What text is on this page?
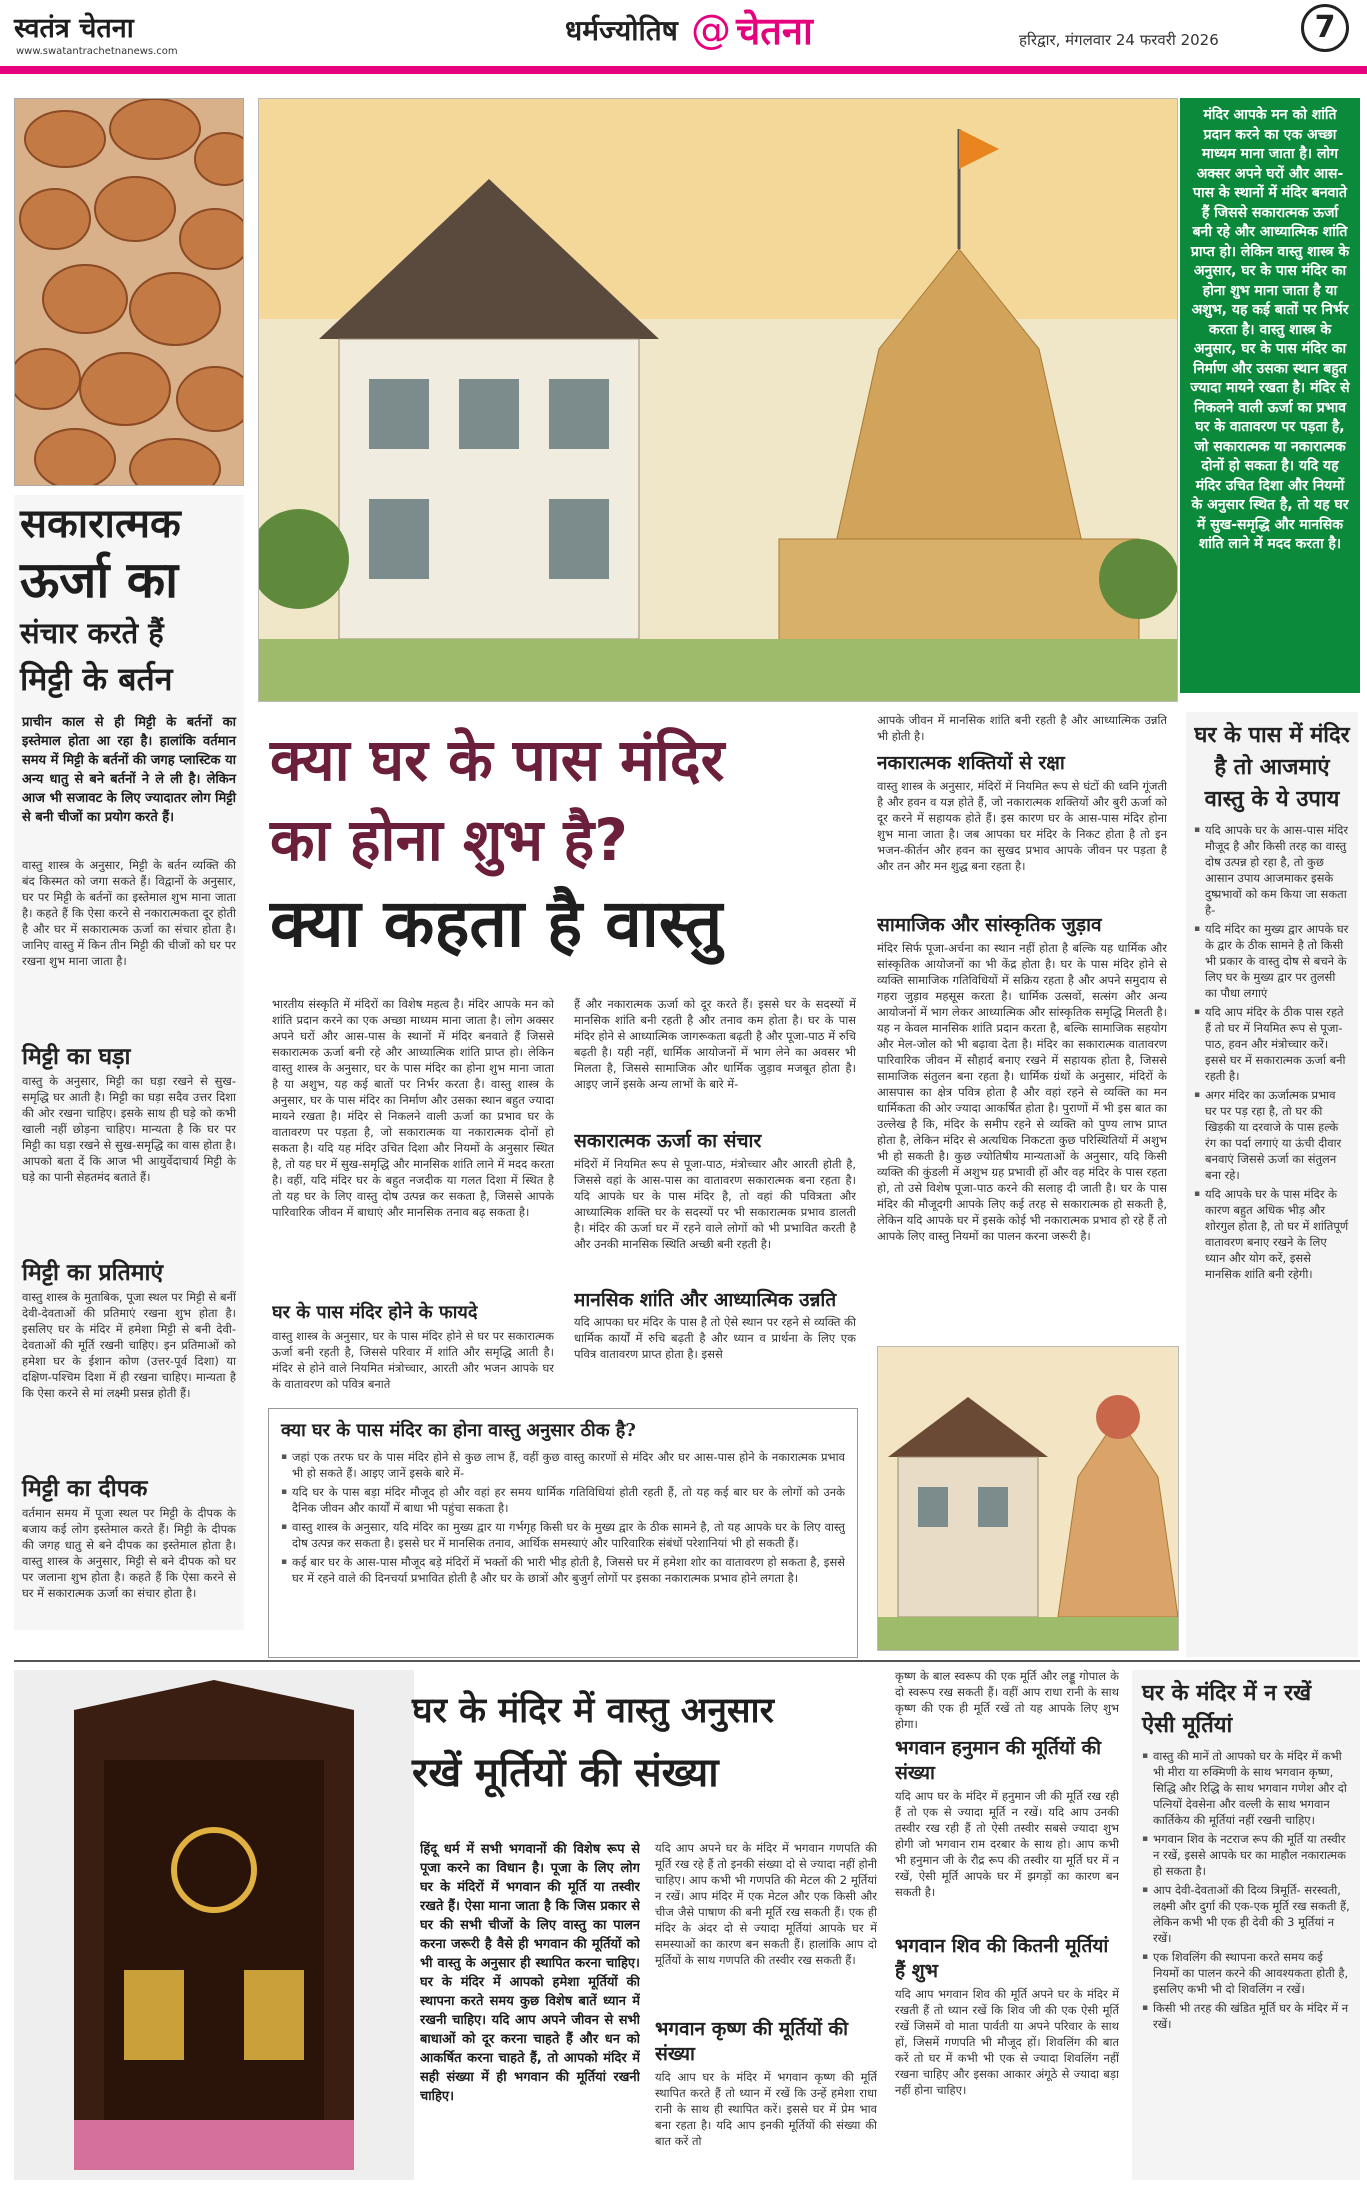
स्वतंत्र चेतना
www.swatantrachetnanews.com
धर्मज्योतिष @ चेतना	हरिद्वार, मंगलवार 24 फरवरी 2026	7
सकारात्मक
ऊर्जा का
संचार करते हैं
मिट्टी के बर्तन
प्राचीन काल से ही मिट्टी के बर्तनों का इस्तेमाल होता आ रहा है। हालांकि वर्तमान समय में मिट्टी के बर्तनों की जगह प्लास्टिक या अन्य धातु से बने बर्तनों ने ले ली है। लेकिन आज भी सजावट के लिए ज्यादातर लोग मिट्टी से बनी चीजों का प्रयोग करते हैं।
वास्तु शास्त्र के अनुसार, मिट्टी के बर्तन व्यक्ति की बंद किस्मत को जगा सकते हैं। विद्वानों के अनुसार, घर पर मिट्टी के बर्तनों का इस्तेमाल शुभ माना जाता है। कहते हैं कि ऐसा करने से नकारात्मकता दूर होती है और घर में सकारात्मक ऊर्जा का संचार होता है। जानिए वास्तु में किन तीन मिट्टी की चीजों को घर पर रखना शुभ माना जाता है।
मिट्टी का घड़ा
वास्तु के अनुसार, मिट्टी का घड़ा रखने से सुख-समृद्धि घर आती है। मिट्टी का घड़ा सदैव उत्तर दिशा की ओर रखना चाहिए। इसके साथ ही घड़े को कभी खाली नहीं छोड़ना चाहिए। मान्यता है कि घर पर मिट्टी का घड़ा रखने से सुख-समृद्धि का वास होता है। आपको बता दें कि आज भी आयुर्वेदाचार्य मिट्टी के घड़े का पानी सेहतमंद बताते हैं।
मिट्टी का प्रतिमाएं
वास्तु शास्त्र के मुताबिक, पूजा स्थल पर मिट्टी से बनीं देवी-देवताओं की प्रतिमाएं रखना शुभ होता है। इसलिए घर के मंदिर में हमेशा मिट्टी से बनी देवी-देवताओं की मूर्ति रखनी चाहिए। इन प्रतिमाओं को हमेशा घर के ईशान कोण (उत्तर-पूर्व दिशा) या दक्षिण-पश्चिम दिशा में ही रखना चाहिए। मान्यता है कि ऐसा करने से मां लक्ष्मी प्रसन्न होती हैं।
मिट्टी का दीपक
वर्तमान समय में पूजा स्थल पर मिट्टी के दीपक के बजाय कई लोग इस्तेमाल करते हैं। मिट्टी के दीपक की जगह धातु से बने दीपक का इस्तेमाल होता है। वास्तु शास्त्र के अनुसार, मिट्टी से बने दीपक को घर पर जलाना शुभ होता है। कहते हैं कि ऐसा करने से घर में सकारात्मक ऊर्जा का संचार होता है।
मंदिर आपके मन को शांति प्रदान करने का एक अच्छा माध्यम माना जाता है। लोग अक्सर अपने घरों और आस-पास के स्थानों में मंदिर बनवाते हैं जिससे सकारात्मक ऊर्जा बनी रहे और आध्यात्मिक शांति प्राप्त हो। लेकिन वास्तु शास्त्र के अनुसार, घर के पास मंदिर का होना शुभ माना जाता है या अशुभ, यह कई बातों पर निर्भर करता है। वास्तु शास्त्र के अनुसार, घर के पास मंदिर का निर्माण और उसका स्थान बहुत ज्यादा मायने रखता है। मंदिर से निकलने वाली ऊर्जा का प्रभाव घर के वातावरण पर पड़ता है, जो सकारात्मक या नकारात्मक दोनों हो सकता है। यदि यह मंदिर उचित दिशा और नियमों के अनुसार स्थित है, तो यह घर में सुख-समृद्धि और मानसिक शांति लाने में मदद करता है।
क्या घर के पास मंदिर
का होना शुभ है?
क्या कहता है वास्तु
भारतीय संस्कृति में मंदिरों का विशेष महत्व है। मंदिर आपके मन को शांति प्रदान करने का एक अच्छा माध्यम माना जाता है। लोग अक्सर अपने घरों और आस-पास के स्थानों में मंदिर बनवाते हैं जिससे सकारात्मक ऊर्जा बनी रहे और आध्यात्मिक शांति प्राप्त हो। लेकिन वास्तु शास्त्र के अनुसार, घर के पास मंदिर का होना शुभ माना जाता है या अशुभ, यह कई बातों पर निर्भर करता है। वास्तु शास्त्र के अनुसार, घर के पास मंदिर का निर्माण और उसका स्थान बहुत ज्यादा मायने रखता है। मंदिर से निकलने वाली ऊर्जा का प्रभाव घर के वातावरण पर पड़ता है, जो सकारात्मक या नकारात्मक दोनों हो सकता है। यदि यह मंदिर उचित दिशा और नियमों के अनुसार स्थित है, तो यह घर में सुख-समृद्धि और मानसिक शांति लाने में मदद करता है। वहीं, यदि मंदिर घर के बहुत नजदीक या गलत दिशा में स्थित है तो यह घर के लिए वास्तु दोष उत्पन्न कर सकता है, जिससे आपके पारिवारिक जीवन में बाधाएं और मानसिक तनाव बढ़ सकता है।
घर के पास मंदिर होने के फायदे
वास्तु शास्त्र के अनुसार, घर के पास मंदिर होने से घर पर सकारात्मक ऊर्जा बनी रहती है, जिससे परिवार में शांति और समृद्धि आती है। मंदिर से होने वाले नियमित मंत्रोच्चार, आरती और भजन आपके घर के वातावरण को पवित्र बनाते
हैं और नकारात्मक ऊर्जा को दूर करते हैं। इससे घर के सदस्यों में मानसिक शांति बनी रहती है और तनाव कम होता है। घर के पास मंदिर होने से आध्यात्मिक जागरूकता बढ़ती है और पूजा-पाठ में रुचि बढ़ती है। यही नहीं, धार्मिक आयोजनों में भाग लेने का अवसर भी मिलता है, जिससे सामाजिक और धार्मिक जुड़ाव मजबूत होता है। आइए जानें इसके अन्य लाभों के बारे में-
सकारात्मक ऊर्जा का संचार
मंदिरों में नियमित रूप से पूजा-पाठ, मंत्रोच्चार और आरती होती है, जिससे वहां के आस-पास का वातावरण सकारात्मक बना रहता है। यदि आपके घर के पास मंदिर है, तो वहां की पवित्रता और आध्यात्मिक शक्ति घर के सदस्यों पर भी सकारात्मक प्रभाव डालती है। मंदिर की ऊर्जा घर में रहने वाले लोगों को भी प्रभावित करती है और उनकी मानसिक स्थिति अच्छी बनी रहती है।
मानसिक शांति और आध्यात्मिक उन्नति
यदि आपका घर मंदिर के पास है तो ऐसे स्थान पर रहने से व्यक्ति की धार्मिक कार्यों में रुचि बढ़ती है और ध्यान व प्रार्थना के लिए एक पवित्र वातावरण प्राप्त होता है। इससे
आपके जीवन में मानसिक शांति बनी रहती है और आध्यात्मिक उन्नति भी होती है।
नकारात्मक शक्तियों से रक्षा
वास्तु शास्त्र के अनुसार, मंदिरों में नियमित रूप से घंटों की ध्वनि गूंजती है और हवन व यज्ञ होते हैं, जो नकारात्मक शक्तियों और बुरी ऊर्जा को दूर करने में सहायक होते हैं। इस कारण घर के आस-पास मंदिर होना शुभ माना जाता है। जब आपका घर मंदिर के निकट होता है तो इन भजन-कीर्तन और हवन का सुखद प्रभाव आपके जीवन पर पड़ता है और तन और मन शुद्ध बना रहता है।
सामाजिक और सांस्कृतिक जुड़ाव
मंदिर सिर्फ पूजा-अर्चना का स्थान नहीं होता है बल्कि यह धार्मिक और सांस्कृतिक आयोजनों का भी केंद्र होता है। घर के पास मंदिर होने से व्यक्ति सामाजिक गतिविधियों में सक्रिय रहता है और अपने समुदाय से गहरा जुड़ाव महसूस करता है। धार्मिक उत्सवों, सत्संग और अन्य आयोजनों में भाग लेकर आध्यात्मिक और सांस्कृतिक समृद्धि मिलती है। यह न केवल मानसिक शांति प्रदान करता है, बल्कि सामाजिक सहयोग और मेल-जोल को भी बढ़ावा देता है। मंदिर का सकारात्मक वातावरण पारिवारिक जीवन में सौहार्द बनाए रखने में सहायक होता है, जिससे सामाजिक संतुलन बना रहता है। धार्मिक ग्रंथों के अनुसार, मंदिरों के आसपास का क्षेत्र पवित्र होता है और वहां रहने से व्यक्ति का मन धार्मिकता की ओर ज्यादा आकर्षित होता है। पुराणों में भी इस बात का उल्लेख है कि, मंदिर के समीप रहने से व्यक्ति को पुण्य लाभ प्राप्त होता है, लेकिन मंदिर से अत्यधिक निकटता कुछ परिस्थितियों में अशुभ भी हो सकती है। कुछ ज्योतिषीय मान्यताओं के अनुसार, यदि किसी व्यक्ति की कुंडली में अशुभ ग्रह प्रभावी हों और वह मंदिर के पास रहता हो, तो उसे विशेष पूजा-पाठ करने की सलाह दी जाती है। घर के पास मंदिर की मौजूदगी आपके लिए कई तरह से सकारात्मक हो सकती है, लेकिन यदि आपके घर में इसके कोई भी नकारात्मक प्रभाव हो रहे हैं तो आपके लिए वास्तु नियमों का पालन करना जरूरी है।
क्या घर के पास मंदिर का होना वास्तु अनुसार ठीक है?
▪ जहां एक तरफ घर के पास मंदिर होने से कुछ लाभ हैं, वहीं कुछ वास्तु कारणों से मंदिर और घर आस-पास होने के नकारात्मक प्रभाव भी हो सकते हैं। आइए जानें इसके बारे में-
▪ यदि घर के पास बड़ा मंदिर मौजूद हो और वहां हर समय धार्मिक गतिविधियां होती रहती हैं, तो यह कई बार घर के लोगों को उनके दैनिक जीवन और कार्यों में बाधा भी पहुंचा सकता है।
▪ वास्तु शास्त्र के अनुसार, यदि मंदिर का मुख्य द्वार या गर्भगृह किसी घर के मुख्य द्वार के ठीक सामने है, तो यह आपके घर के लिए वास्तु दोष उत्पन्न कर सकता है। इससे घर में मानसिक तनाव, आर्थिक समस्याएं और पारिवारिक संबंधों परेशानियां भी हो सकती हैं।
▪ कई बार घर के आस-पास मौजूद बड़े मंदिरों में भक्तों की भारी भीड़ होती है, जिससे घर में हमेशा शोर का वातावरण हो सकता है, इससे घर में रहने वाले की दिनचर्या प्रभावित होती है और घर के छात्रों और बुजुर्ग लोगों पर इसका नकारात्मक प्रभाव होने लगता है।
घर के पास में मंदिर है तो आजमाएं वास्तु के ये उपाय
▪ यदि आपके घर के आस-पास मंदिर मौजूद है और किसी तरह का वास्तु दोष उत्पन्न हो रहा है, तो कुछ आसान उपाय आजमाकर इसके दुष्प्रभावों को कम किया जा सकता है-
▪ यदि मंदिर का मुख्य द्वार आपके घर के द्वार के ठीक सामने है तो किसी भी प्रकार के वास्तु दोष से बचने के लिए घर के मुख्य द्वार पर तुलसी का पौधा लगाएं
▪ यदि आप मंदिर के ठीक पास रहते हैं तो घर में नियमित रूप से पूजा-पाठ, हवन और मंत्रोच्चार करें। इससे घर में सकारात्मक ऊर्जा बनी रहती है।
▪ अगर मंदिर का ऊर्जात्मक प्रभाव घर पर पड़ रहा है, तो घर की खिड़की या दरवाजे के पास हल्के रंग का पर्दा लगाएं या ऊंची दीवार बनवाएं जिससे ऊर्जा का संतुलन बना रहे।
▪ यदि आपके घर के पास मंदिर के कारण बहुत अधिक भीड़ और शोरगुल होता है, तो घर में शांतिपूर्ण वातावरण बनाए रखने के लिए ध्यान और योग करें, इससे मानसिक शांति बनी रहेगी।
घर के मंदिर में वास्तु अनुसार
रखें मूर्तियों की संख्या
हिंदू धर्म में सभी भगवानों की विशेष रूप से पूजा करने का विधान है। पूजा के लिए लोग घर के मंदिरों में भगवान की मूर्ति या तस्वीर रखते हैं। ऐसा माना जाता है कि जिस प्रकार से घर की सभी चीजों के लिए वास्तु का पालन करना जरूरी है वैसे ही भगवान की मूर्तियों को भी वास्तु के अनुसार ही स्थापित करना चाहिए। घर के मंदिर में आपको हमेशा मूर्तियों की स्थापना करते समय कुछ विशेष बातें ध्यान में रखनी चाहिए। यदि आप अपने जीवन से सभी बाधाओं को दूर करना चाहते हैं और धन को आकर्षित करना चाहते हैं, तो आपको मंदिर में सही संख्या में ही भगवान की मूर्तियां रखनी चाहिए।
यदि आप अपने घर के मंदिर में भगवान गणपति की मूर्ति रख रहे हैं तो इनकी संख्या दो से ज्यादा नहीं होनी चाहिए। आप कभी भी गणपति की मेटल की 2 मूर्तियां न रखें। आप मंदिर में एक मेटल और एक किसी और चीज जैसे पाषाण की बनी मूर्ति रख सकती हैं। एक ही मंदिर के अंदर दो से ज्यादा मूर्तियां आपके घर में समस्याओं का कारण बन सकती हैं। हालांकि आप दो मूर्तियों के साथ गणपति की तस्वीर रख सकती हैं।
भगवान कृष्ण की मूर्तियों की संख्या
यदि आप घर के मंदिर में भगवान कृष्ण की मूर्ति स्थापित करते हैं तो ध्यान में रखें कि उन्हें हमेशा राधा रानी के साथ ही स्थापित करें। इससे घर में प्रेम भाव बना रहता है। यदि आप इनकी मूर्तियों की संख्या की बात करें तो
कृष्ण के बाल स्वरूप की एक मूर्ति और लड्डू गोपाल के दो स्वरूप रख सकती हैं। वहीं आप राधा रानी के साथ कृष्ण की एक ही मूर्ति रखें तो यह आपके लिए शुभ होगा।
भगवान हनुमान की मूर्तियों की संख्या
यदि आप घर के मंदिर में हनुमान जी की मूर्ति रख रही हैं तो एक से ज्यादा मूर्ति न रखें। यदि आप उनकी तस्वीर रख रही हैं तो ऐसी तस्वीर सबसे ज्यादा शुभ होगी जो भगवान राम दरबार के साथ हो। आप कभी भी हनुमान जी के रौद्र रूप की तस्वीर या मूर्ति घर में न रखें, ऐसी मूर्ति आपके घर में झगड़ों का कारण बन सकती है।
भगवान शिव की कितनी मूर्तियां हैं शुभ
यदि आप भगवान शिव की मूर्ति अपने घर के मंदिर में रखती हैं तो ध्यान रखें कि शिव जी की एक ऐसी मूर्ति रखें जिसमें वो माता पार्वती या अपने परिवार के साथ हों, जिसमें गणपति भी मौजूद हों। शिवलिंग की बात करें तो घर में कभी भी एक से ज्यादा शिवलिंग नहीं रखना चाहिए और इसका आकार अंगूठे से ज्यादा बड़ा नहीं होना चाहिए।
घर के मंदिर में न रखें ऐसी मूर्तियां
▪ वास्तु की मानें तो आपको घर के मंदिर में कभी भी मीरा या रुक्मिणी के साथ भगवान कृष्ण, सिद्धि और रिद्धि के साथ भगवान गणेश और दो पत्नियों देवसेना और वल्ली के साथ भगवान कार्तिकेय की मूर्तियां नहीं रखनी चाहिए।
▪ भगवान शिव के नटराज रूप की मूर्ति या तस्वीर न रखें, इससे आपके घर का माहौल नकारात्मक हो सकता है।
▪ आप देवी-देवताओं की दिव्य त्रिमूर्ति- सरस्वती, लक्ष्मी और दुर्गा की एक-एक मूर्ति रख सकती हैं, लेकिन कभी भी एक ही देवी की 3 मूर्तियां न रखें।
▪ एक शिवलिंग की स्थापना करते समय कई नियमों का पालन करने की आवश्यकता होती है, इसलिए कभी भी दो शिवलिंग न रखें।
▪ किसी भी तरह की खंडित मूर्ति घर के मंदिर में न रखें।
